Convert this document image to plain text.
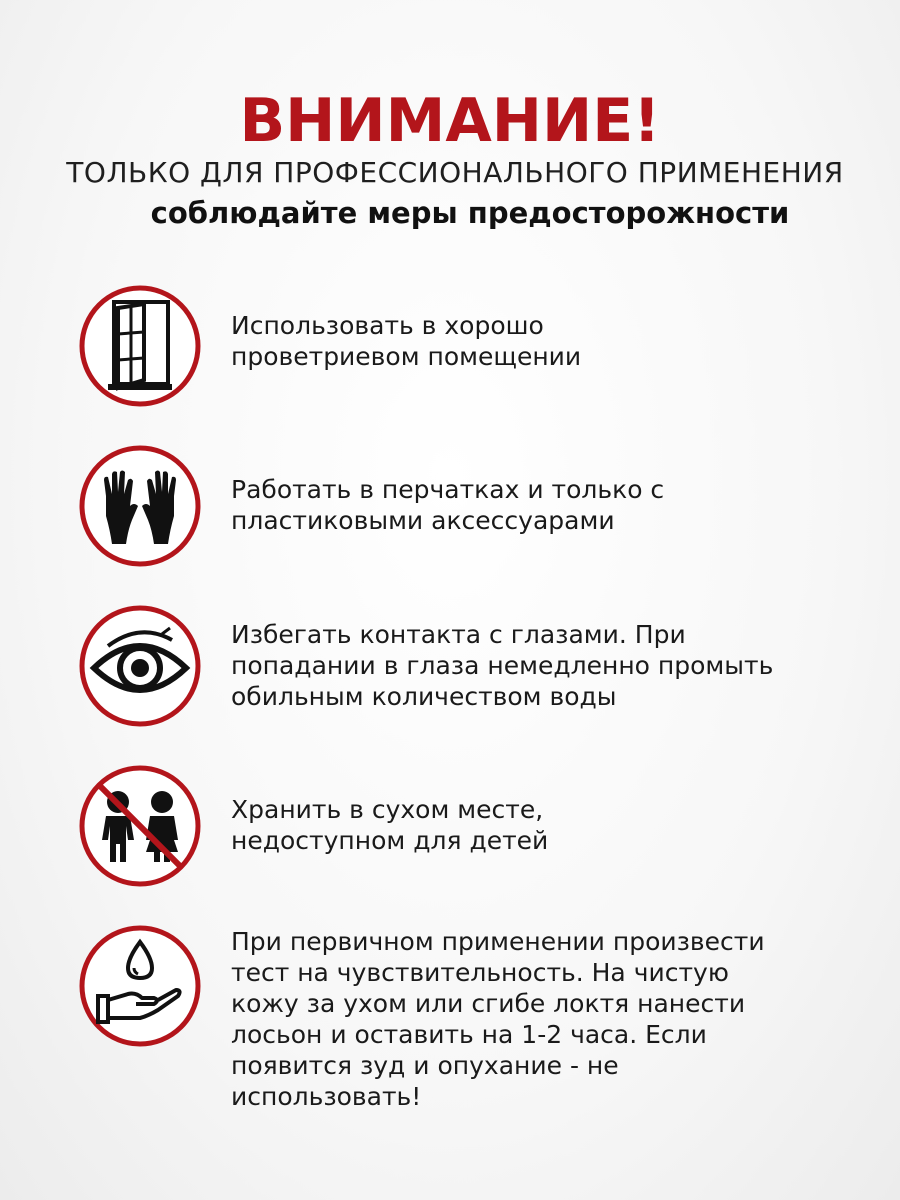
ВНИМАНИЕ!
ТОЛЬКО ДЛЯ ПРОФЕССИОНАЛЬНОГО ПРИМЕНЕНИЯ
соблюдайте меры предосторожности
Использовать в хорошо
проветриевом помещении
Работать в перчатках и только с
пластиковыми аксессуарами
Избегать контакта с глазами. При
попадании в глаза немедленно промыть
обильным количеством воды
Хранить в сухом месте,
недоступном для детей
При первичном применении произвести
тест на чувствительность. На чистую
кожу за ухом или сгибе локтя нанести
лосьон и оставить на 1-2 часа. Если
появится зуд и опухание - не
использовать!
